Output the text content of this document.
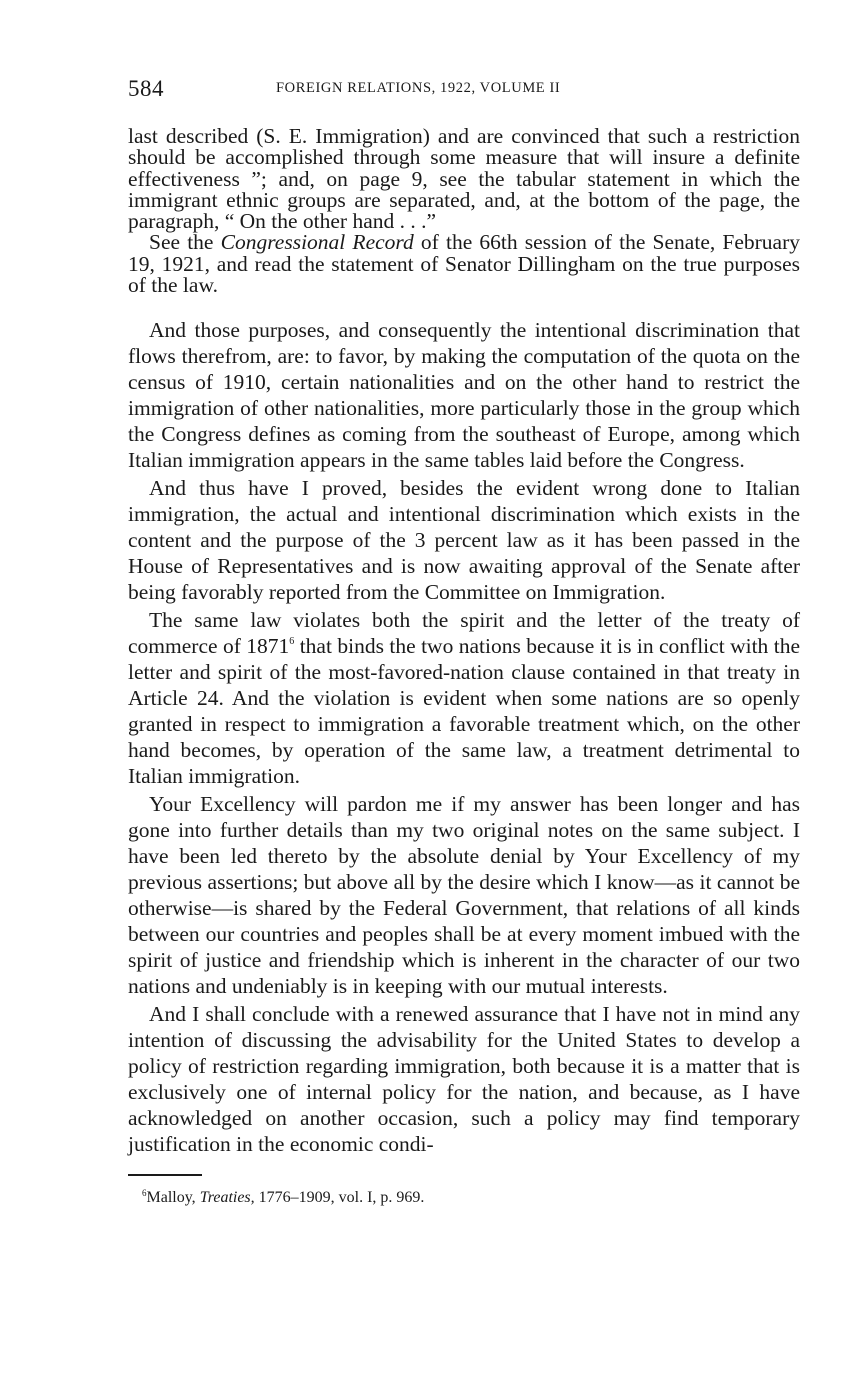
584	FOREIGN RELATIONS, 1922, VOLUME II

last described (S. E. Immigration) and are convinced that such a restriction should be accomplished through some measure that will insure a definite effectiveness ”; and, on page 9, see the tabular statement in which the immigrant ethnic groups are separated, and, at the bottom of the page, the paragraph, “ On the other hand . . .”

See the Congressional Record of the 66th session of the Senate, February 19, 1921, and read the statement of Senator Dillingham on the true purposes of the law.

And those purposes, and consequently the intentional discrimination that flows therefrom, are: to favor, by making the computation of the quota on the census of 1910, certain nationalities and on the other hand to restrict the immigration of other nationalities, more particularly those in the group which the Congress defines as coming from the southeast of Europe, among which Italian immigration appears in the same tables laid before the Congress.

And thus have I proved, besides the evident wrong done to Italian immigration, the actual and intentional discrimination which exists in the content and the purpose of the 3 percent law as it has been passed in the House of Representatives and is now awaiting approval of the Senate after being favorably reported from the Committee on Immigration.

The same law violates both the spirit and the letter of the treaty of commerce of 1871$^6$ that binds the two nations because it is in conflict with the letter and spirit of the most-favored-nation clause contained in that treaty in Article 24. And the violation is evident when some nations are so openly granted in respect to immigration a favorable treatment which, on the other hand becomes, by operation of the same law, a treatment detrimental to Italian immigration.

Your Excellency will pardon me if my answer has been longer and has gone into further details than my two original notes on the same subject. I have been led thereto by the absolute denial by Your Excellency of my previous assertions; but above all by the desire which I know—as it cannot be otherwise—is shared by the Federal Government, that relations of all kinds between our countries and peoples shall be at every moment imbued with the spirit of justice and friendship which is inherent in the character of our two nations and undeniably is in keeping with our mutual interests.

And I shall conclude with a renewed assurance that I have not in mind any intention of discussing the advisability for the United States to develop a policy of restriction regarding immigration, both because it is a matter that is exclusively one of internal policy for the nation, and because, as I have acknowledged on another occasion, such a policy may find temporary justification in the economic condi-

$^6$Malloy, Treaties, 1776–1909, vol. I, p. 969.
